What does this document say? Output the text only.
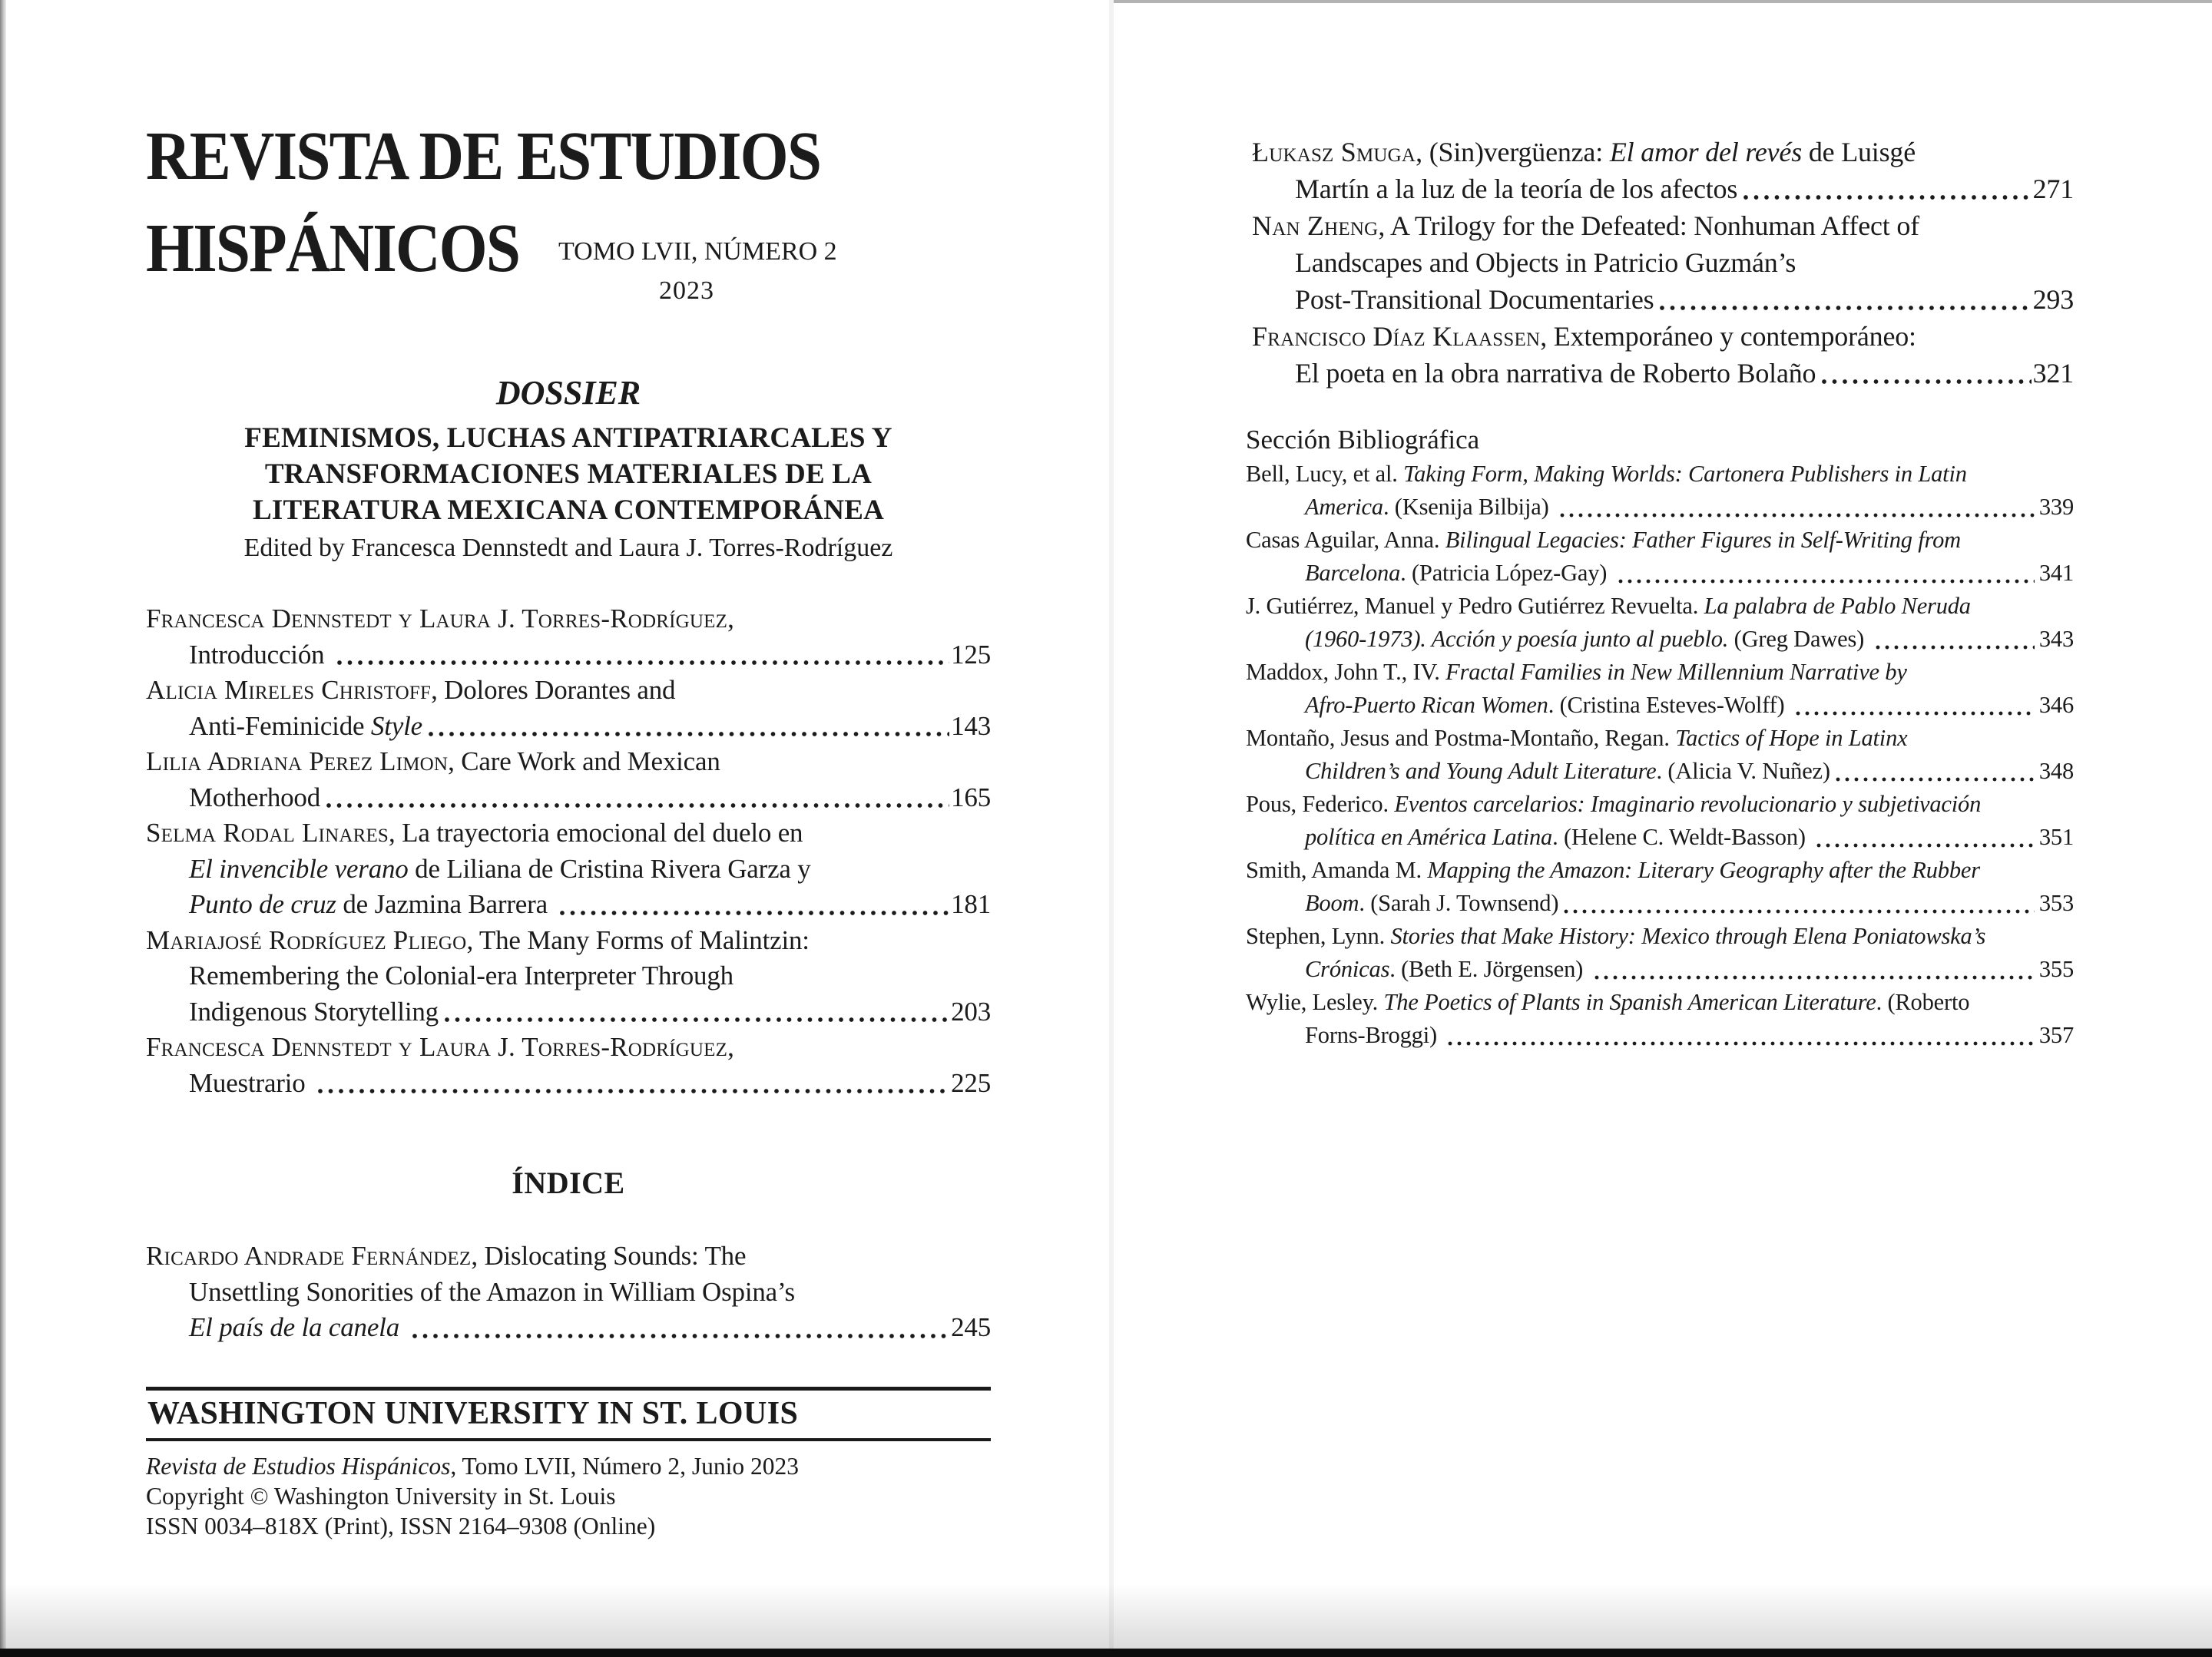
REVISTA DE ESTUDIOS
HISPÁNICOS TOMO LVII, NÚMERO 2
2023
DOSSIER
FEMINISMOS, LUCHAS ANTIPATRIARCALES Y
TRANSFORMACIONES MATERIALES DE LA
LITERATURA MEXICANA CONTEMPORÁNEA
Edited by Francesca Dennstedt and Laura J. Torres-Rodríguez
Francesca Dennstedt y Laura J. Torres-Rodríguez,
Introducción	125
Alicia Mireles Christoff, Dolores Dorantes and
Anti-Feminicide Style	143
Lilia Adriana Perez Limon, Care Work and Mexican
Motherhood	165
Selma Rodal Linares, La trayectoria emocional del duelo en
El invencible verano de Liliana de Cristina Rivera Garza y
Punto de cruz de Jazmina Barrera	181
Mariajosé Rodríguez Pliego, The Many Forms of Malintzin:
Remembering the Colonial-era Interpreter Through
Indigenous Storytelling	203
Francesca Dennstedt y Laura J. Torres-Rodríguez,
Muestrario	225
ÍNDICE
Ricardo Andrade Fernández, Dislocating Sounds: The
Unsettling Sonorities of the Amazon in William Ospina’s
El país de la canela	245
WASHINGTON UNIVERSITY IN ST. LOUIS
Revista de Estudios Hispánicos, Tomo LVII, Número 2, Junio 2023
Copyright © Washington University in St. Louis
ISSN 0034–818X (Print), ISSN 2164–9308 (Online)
Łukasz Smuga, (Sin)vergüenza: El amor del revés de Luisgé
Martín a la luz de la teoría de los afectos	271
Nan Zheng, A Trilogy for the Defeated: Nonhuman Affect of
Landscapes and Objects in Patricio Guzmán’s
Post-Transitional Documentaries	293
Francisco Díaz Klaassen, Extemporáneo y contemporáneo:
El poeta en la obra narrativa de Roberto Bolaño	321
Sección Bibliográfica
Bell, Lucy, et al. Taking Form, Making Worlds: Cartonera Publishers in Latin
America. (Ksenija Bilbija)	339
Casas Aguilar, Anna. Bilingual Legacies: Father Figures in Self-Writing from
Barcelona. (Patricia López-Gay)	341
J. Gutiérrez, Manuel y Pedro Gutiérrez Revuelta. La palabra de Pablo Neruda
(1960-1973). Acción y poesía junto al pueblo. (Greg Dawes)	343
Maddox, John T., IV. Fractal Families in New Millennium Narrative by
Afro-Puerto Rican Women. (Cristina Esteves-Wolff)	346
Montaño, Jesus and Postma-Montaño, Regan. Tactics of Hope in Latinx
Children’s and Young Adult Literature. (Alicia V. Nuñez)	348
Pous, Federico. Eventos carcelarios: Imaginario revolucionario y subjetivación
política en América Latina. (Helene C. Weldt-Basson)	351
Smith, Amanda M. Mapping the Amazon: Literary Geography after the Rubber
Boom. (Sarah J. Townsend)	353
Stephen, Lynn. Stories that Make History: Mexico through Elena Poniatowska’s
Crónicas. (Beth E. Jörgensen)	355
Wylie, Lesley. The Poetics of Plants in Spanish American Literature. (Roberto
Forns-Broggi)	357
